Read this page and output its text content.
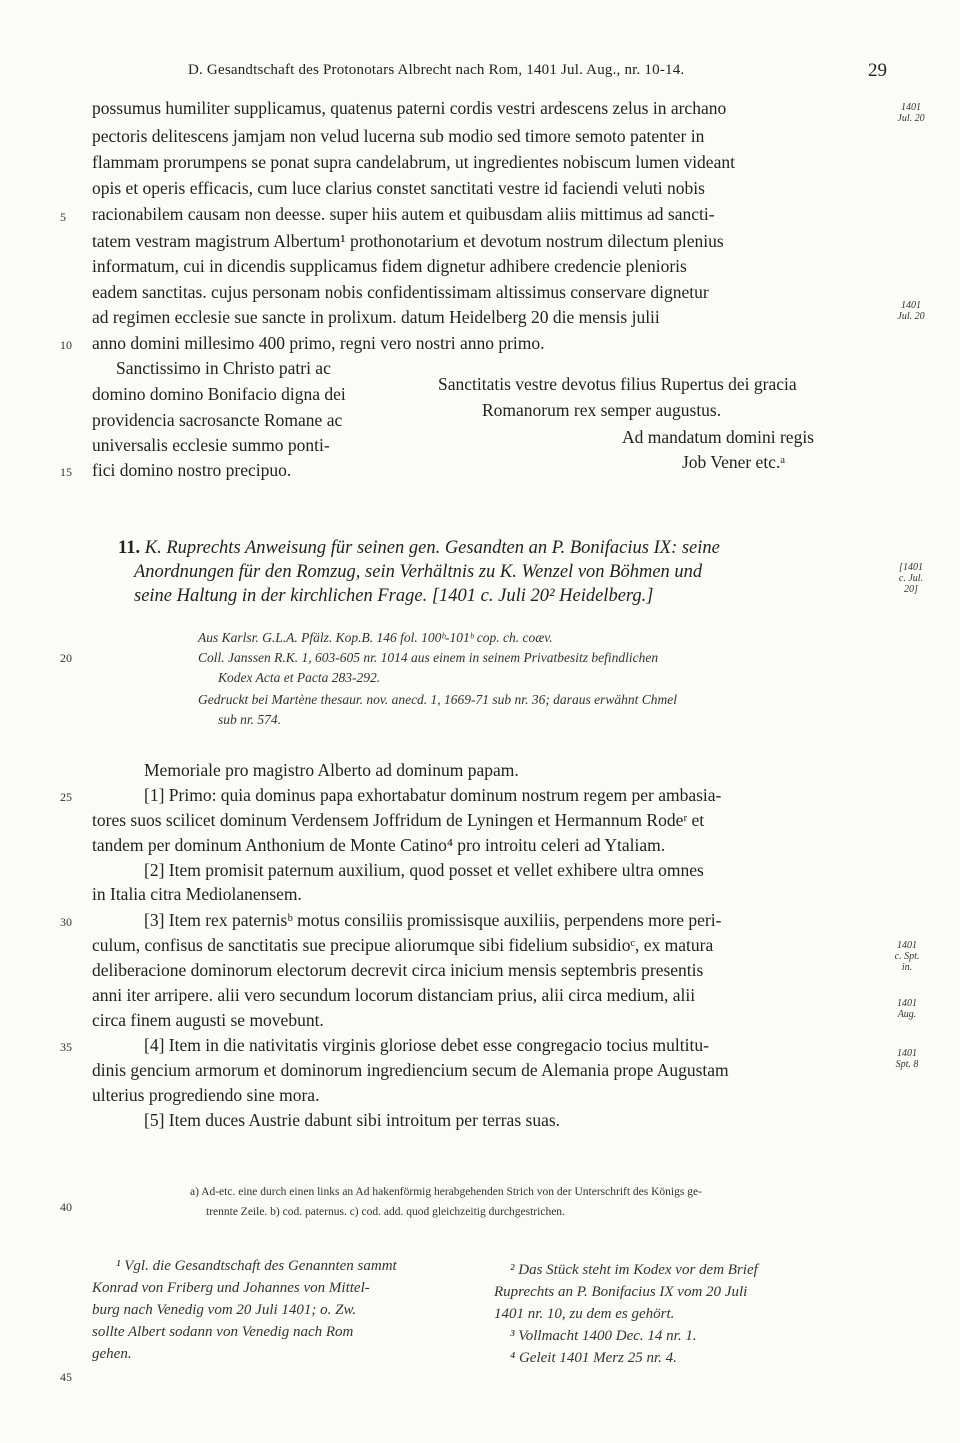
D. Gesandtschaft des Protonotars Albrecht nach Rom, 1401 Jul. Aug., nr. 10-14.	29
possumus humiliter supplicamus, quatenus paterni cordis vestri ardescens zelus in archano
pectoris delitescens jamjam non velud lucerna sub modio sed timore semoto patenter in
flammam prorumpens se ponat supra candelabrum, ut ingredientes nobiscum lumen videant
opis et operis efficacis, cum luce clarius constet sanctitati vestre id faciendi veluti nobis
racionabilem causam non deesse. super hiis autem et quibusdam aliis mittimus ad sancti-
tatem vestram magistrum Albertum¹ prothonotarium et devotum nostrum dilectum plenius
informatum, cui in dicendis supplicamus fidem dignetur adhibere credencie plenioris
eadem sanctitas. cujus personam nobis confidentissimam altissimus conservare dignetur
ad regimen ecclesie sue sancte in prolixum. datum Heidelberg 20 die mensis julii
anno domini millesimo 400 primo, regni vero nostri anno primo.
Sanctissimo in Christo patri ac
domino domino Bonifacio digna dei
providencia sacrosancte Romane ac
universalis ecclesie summo ponti-
fici domino nostro precipuo.
Sanctitatis vestre devotus filius Rupertus dei gracia
Romanorum rex semper augustus.
Ad mandatum domini regis
Job Vener etc.ᵃ
11. K. Ruprechts Anweisung für seinen gen. Gesandten an P. Bonifacius IX: seine
Anordnungen für den Romzug, sein Verhältnis zu K. Wenzel von Böhmen und
seine Haltung in der kirchlichen Frage. [1401 c. Juli 20² Heidelberg.]
Aus Karlsr. G.L.A. Pfälz. Kop.B. 146 fol. 100ᵇ-101ᵇ cop. ch. coæv.
Coll. Janssen R.K. 1, 603-605 nr. 1014 aus einem in seinem Privatbesitz befindlichen
Kodex Acta et Pacta 283-292.
Gedruckt bei Martène thesaur. nov. anecd. 1, 1669-71 sub nr. 36; daraus erwähnt Chmel
sub nr. 574.
Memoriale pro magistro Alberto ad dominum papam.
[1] Primo: quia dominus papa exhortabatur dominum nostrum regem per ambasia-
tores suos scilicet dominum Verdensem Joffridum de Lyningen et Hermannum Rodeʳ et
tandem per dominum Anthonium de Monte Catino⁴ pro introitu celeri ad Ytaliam.
[2] Item promisit paternum auxilium, quod posset et vellet exhibere ultra omnes
in Italia citra Mediolanensem.
[3] Item rex paternisᵇ motus consiliis promissisque auxiliis, perpendens more peri-
culum, confisus de sanctitatis sue precipue aliorumque sibi fidelium subsidioᶜ, ex matura
deliberacione dominorum electorum decrevit circa inicium mensis septembris presentis
anni iter arripere. alii vero secundum locorum distanciam prius, alii circa medium, alii
circa finem augusti se movebunt.
[4] Item in die nativitatis virginis gloriose debet esse congregacio tocius multitu-
dinis gencium armorum et dominorum ingrediencium secum de Alemania prope Augustam
ulterius progrediendo sine mora.
[5] Item duces Austrie dabunt sibi introitum per terras suas.
1401
Jul. 20
1401
Jul. 20
[1401
c. Jul.
20]
1401
c. Spt.
in.
1401
Aug.
1401
Spt. 8
5
10
15
20
25
30
35
40
45
a) Ad-etc. eine durch einen links an Ad hakenförmig herabgehenden Strich von der Unterschrift des Königs ge-
trennte Zeile. b) cod. paternus. c) cod. add. quod gleichzeitig durchgestrichen.
¹ Vgl. die Gesandtschaft des Genannten sammt
Konrad von Friberg und Johannes von Mittel-
burg nach Venedig vom 20 Juli 1401; o. Zw.
sollte Albert sodann von Venedig nach Rom
gehen.
² Das Stück steht im Kodex vor dem Brief
Ruprechts an P. Bonifacius IX vom 20 Juli
1401 nr. 10, zu dem es gehört.
³ Vollmacht 1400 Dec. 14 nr. 1.
⁴ Geleit 1401 Merz 25 nr. 4.
